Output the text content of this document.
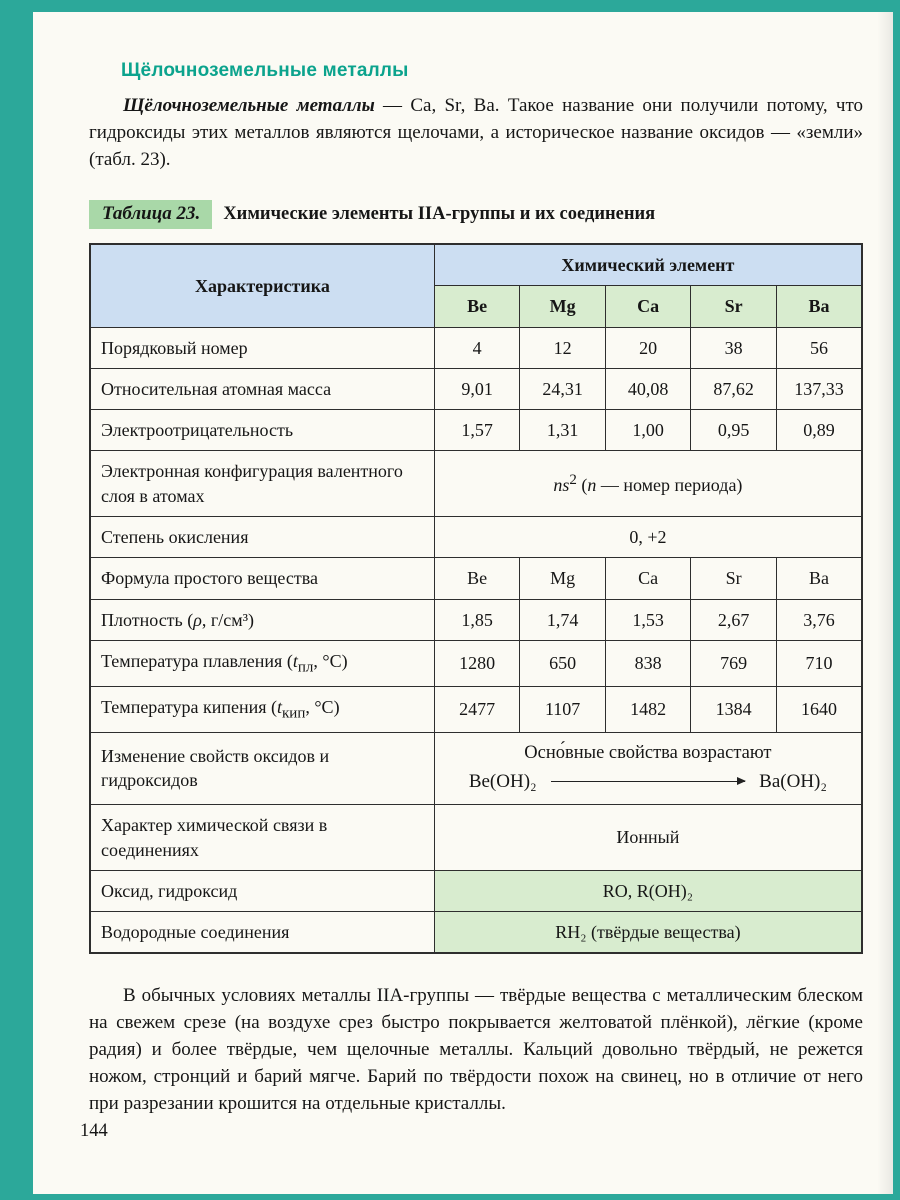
Щёлочноземельные металлы

Щёлочноземельные металлы — Ca, Sr, Ba. Такое название они получили потому, что гидроксиды этих металлов являются щелочами, а историческое название оксидов — «земли» (табл. 23).

Таблица 23.	Химические элементы IIA-группы и их соединения
Характеристика	Химический элемент				
	Be	Mg	Ca	Sr	Ba
Порядковый номер	4	12	20	38	56
Относительная атомная масса	9,01	24,31	40,08	87,62	137,33
Электроотрицательность	1,57	1,31	1,00	0,95	0,89
Электронная конфигурация валентного слоя в атомах	$ns^2$ (n — номер периода)				
Степень окисления	0, +2				
Формула простого вещества	Be	Mg	Ca	Sr	Ba
Плотность (ρ, г/см³)	1,85	1,74	1,53	2,67	3,76
Температура плавления ($t_{пл}$, °С)	1280	650	838	769	710
Температура кипения ($t_{кип}$, °С)	2477	1107	1482	1384	1640
Изменение свойств оксидов и гидроксидов	Осно́вные свойства возрастают
Be(OH)₂ Ba(OH)₂				

Характер химической связи в соединениях	Ионный				
Оксид, гидроксид	RO, R(OH)₂				
Водородные соединения	RH₂ (твёрдые вещества)				

В обычных условиях металлы IIA-группы — твёрдые вещества с металлическим блеском на свежем срезе (на воздухе срез быстро покрывается желтоватой плёнкой), лёгкие (кроме радия) и более твёрдые, чем щелочные металлы. Кальций довольно твёрдый, не режется ножом, стронций и барий мягче. Барий по твёрдости похож на свинец, но в отличие от него при разрезании крошится на отдельные кристаллы.

144
